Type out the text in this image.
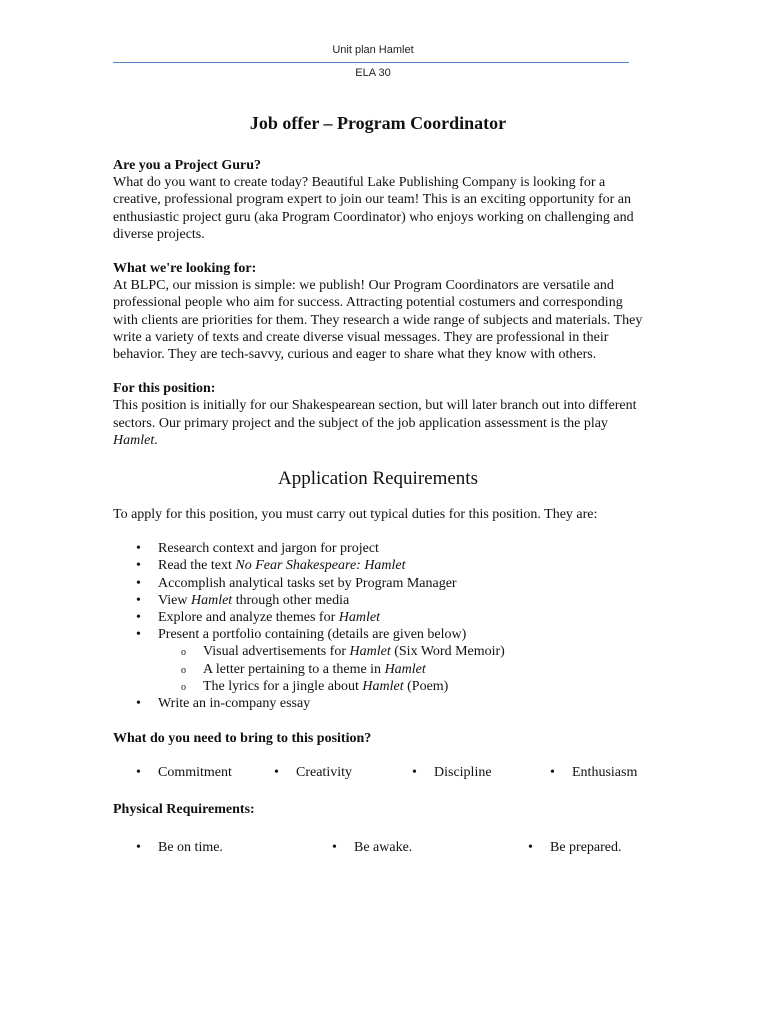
Unit plan Hamlet
ELA 30
Job offer – Program Coordinator
Are you a Project Guru?

What do you want to create today? Beautiful Lake Publishing Company is looking for a creative, professional program expert to join our team! This is an exciting opportunity for an enthusiastic project guru (aka Program Coordinator) who enjoys working on challenging and diverse projects.

What we're looking for:

At BLPC, our mission is simple: we publish! Our Program Coordinators are versatile and professional people who aim for success. Attracting potential costumers and corresponding with clients are priorities for them. They research a wide range of subjects and materials. They write a variety of texts and create diverse visual messages. They are professional in their behavior. They are tech-savvy, curious and eager to share what they know with others.

For this position:

This position is initially for our Shakespearean section, but will later branch out into different sectors. Our primary project and the subject of the job application assessment is the play Hamlet.

Application Requirements

To apply for this position, you must carry out typical duties for this position. They are:

• Research context and jargon for project
• Read the text No Fear Shakespeare: Hamlet
• Accomplish analytical tasks set by Program Manager
• View Hamlet through other media
• Explore and analyze themes for Hamlet
• Present a portfolio containing (details are given below)
o Visual advertisements for Hamlet (Six Word Memoir)
o A letter pertaining to a theme in Hamlet
o The lyrics for a jingle about Hamlet (Poem)
• Write an in-company essay
What do you need to bring to this position?
• Commitment	• Creativity	• Discipline	• Enthusiasm
Physical Requirements:
• Be on time.	• Be awake.	• Be prepared.
